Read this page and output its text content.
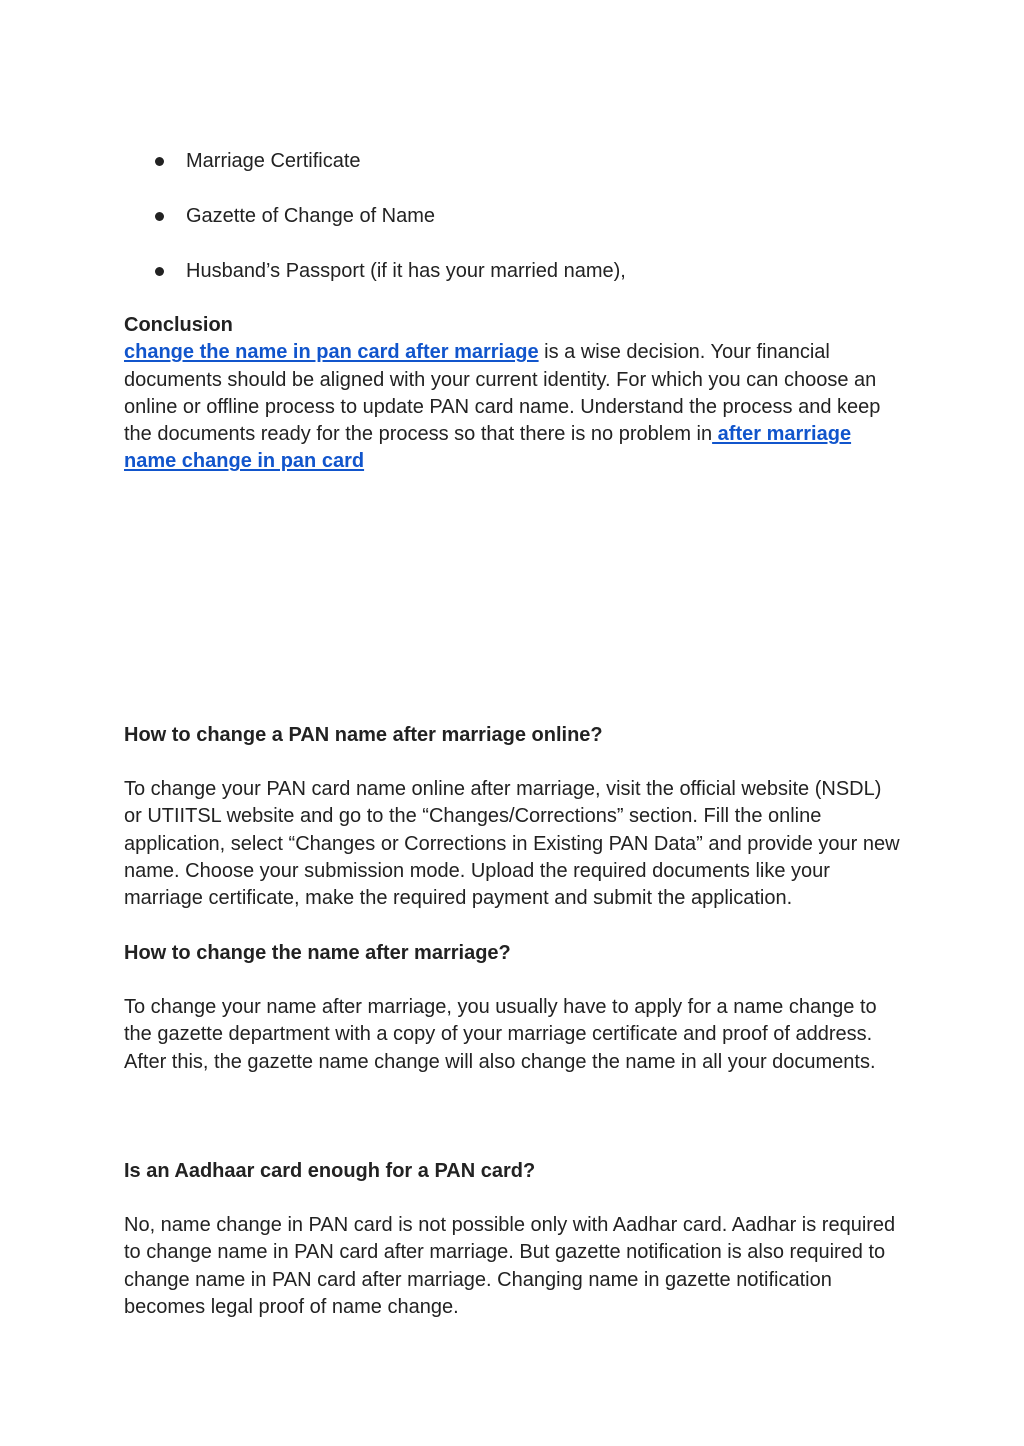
Marriage Certificate
Gazette of Change of Name
Husband’s Passport (if it has your married name),

Conclusion

change the name in pan card after marriage is a wise decision. Your financial documents should be aligned with your current identity. For which you can choose an online or offline process to update PAN card name. Understand the process and keep the documents ready for the process so that there is no problem in after marriage name change in pan card

How to change a PAN name after marriage online?
To change your PAN card name online after marriage, visit the official website (NSDL) or UTIITSL website and go to the “Changes/Corrections” section. Fill the online application, select “Changes or Corrections in Existing PAN Data” and provide your new name. Choose your submission mode. Upload the required documents like your marriage certificate, make the required payment and submit the application.
How to change the name after marriage?
To change your name after marriage, you usually have to apply for a name change to the gazette department with a copy of your marriage certificate and proof of address. After this, the gazette name change will also change the name in all your documents.
Is an Aadhaar card enough for a PAN card?
No, name change in PAN card is not possible only with Aadhar card. Aadhar is required to change name in PAN card after marriage. But gazette notification is also required to change name in PAN card after marriage. Changing name in gazette notification becomes legal proof of name change.
